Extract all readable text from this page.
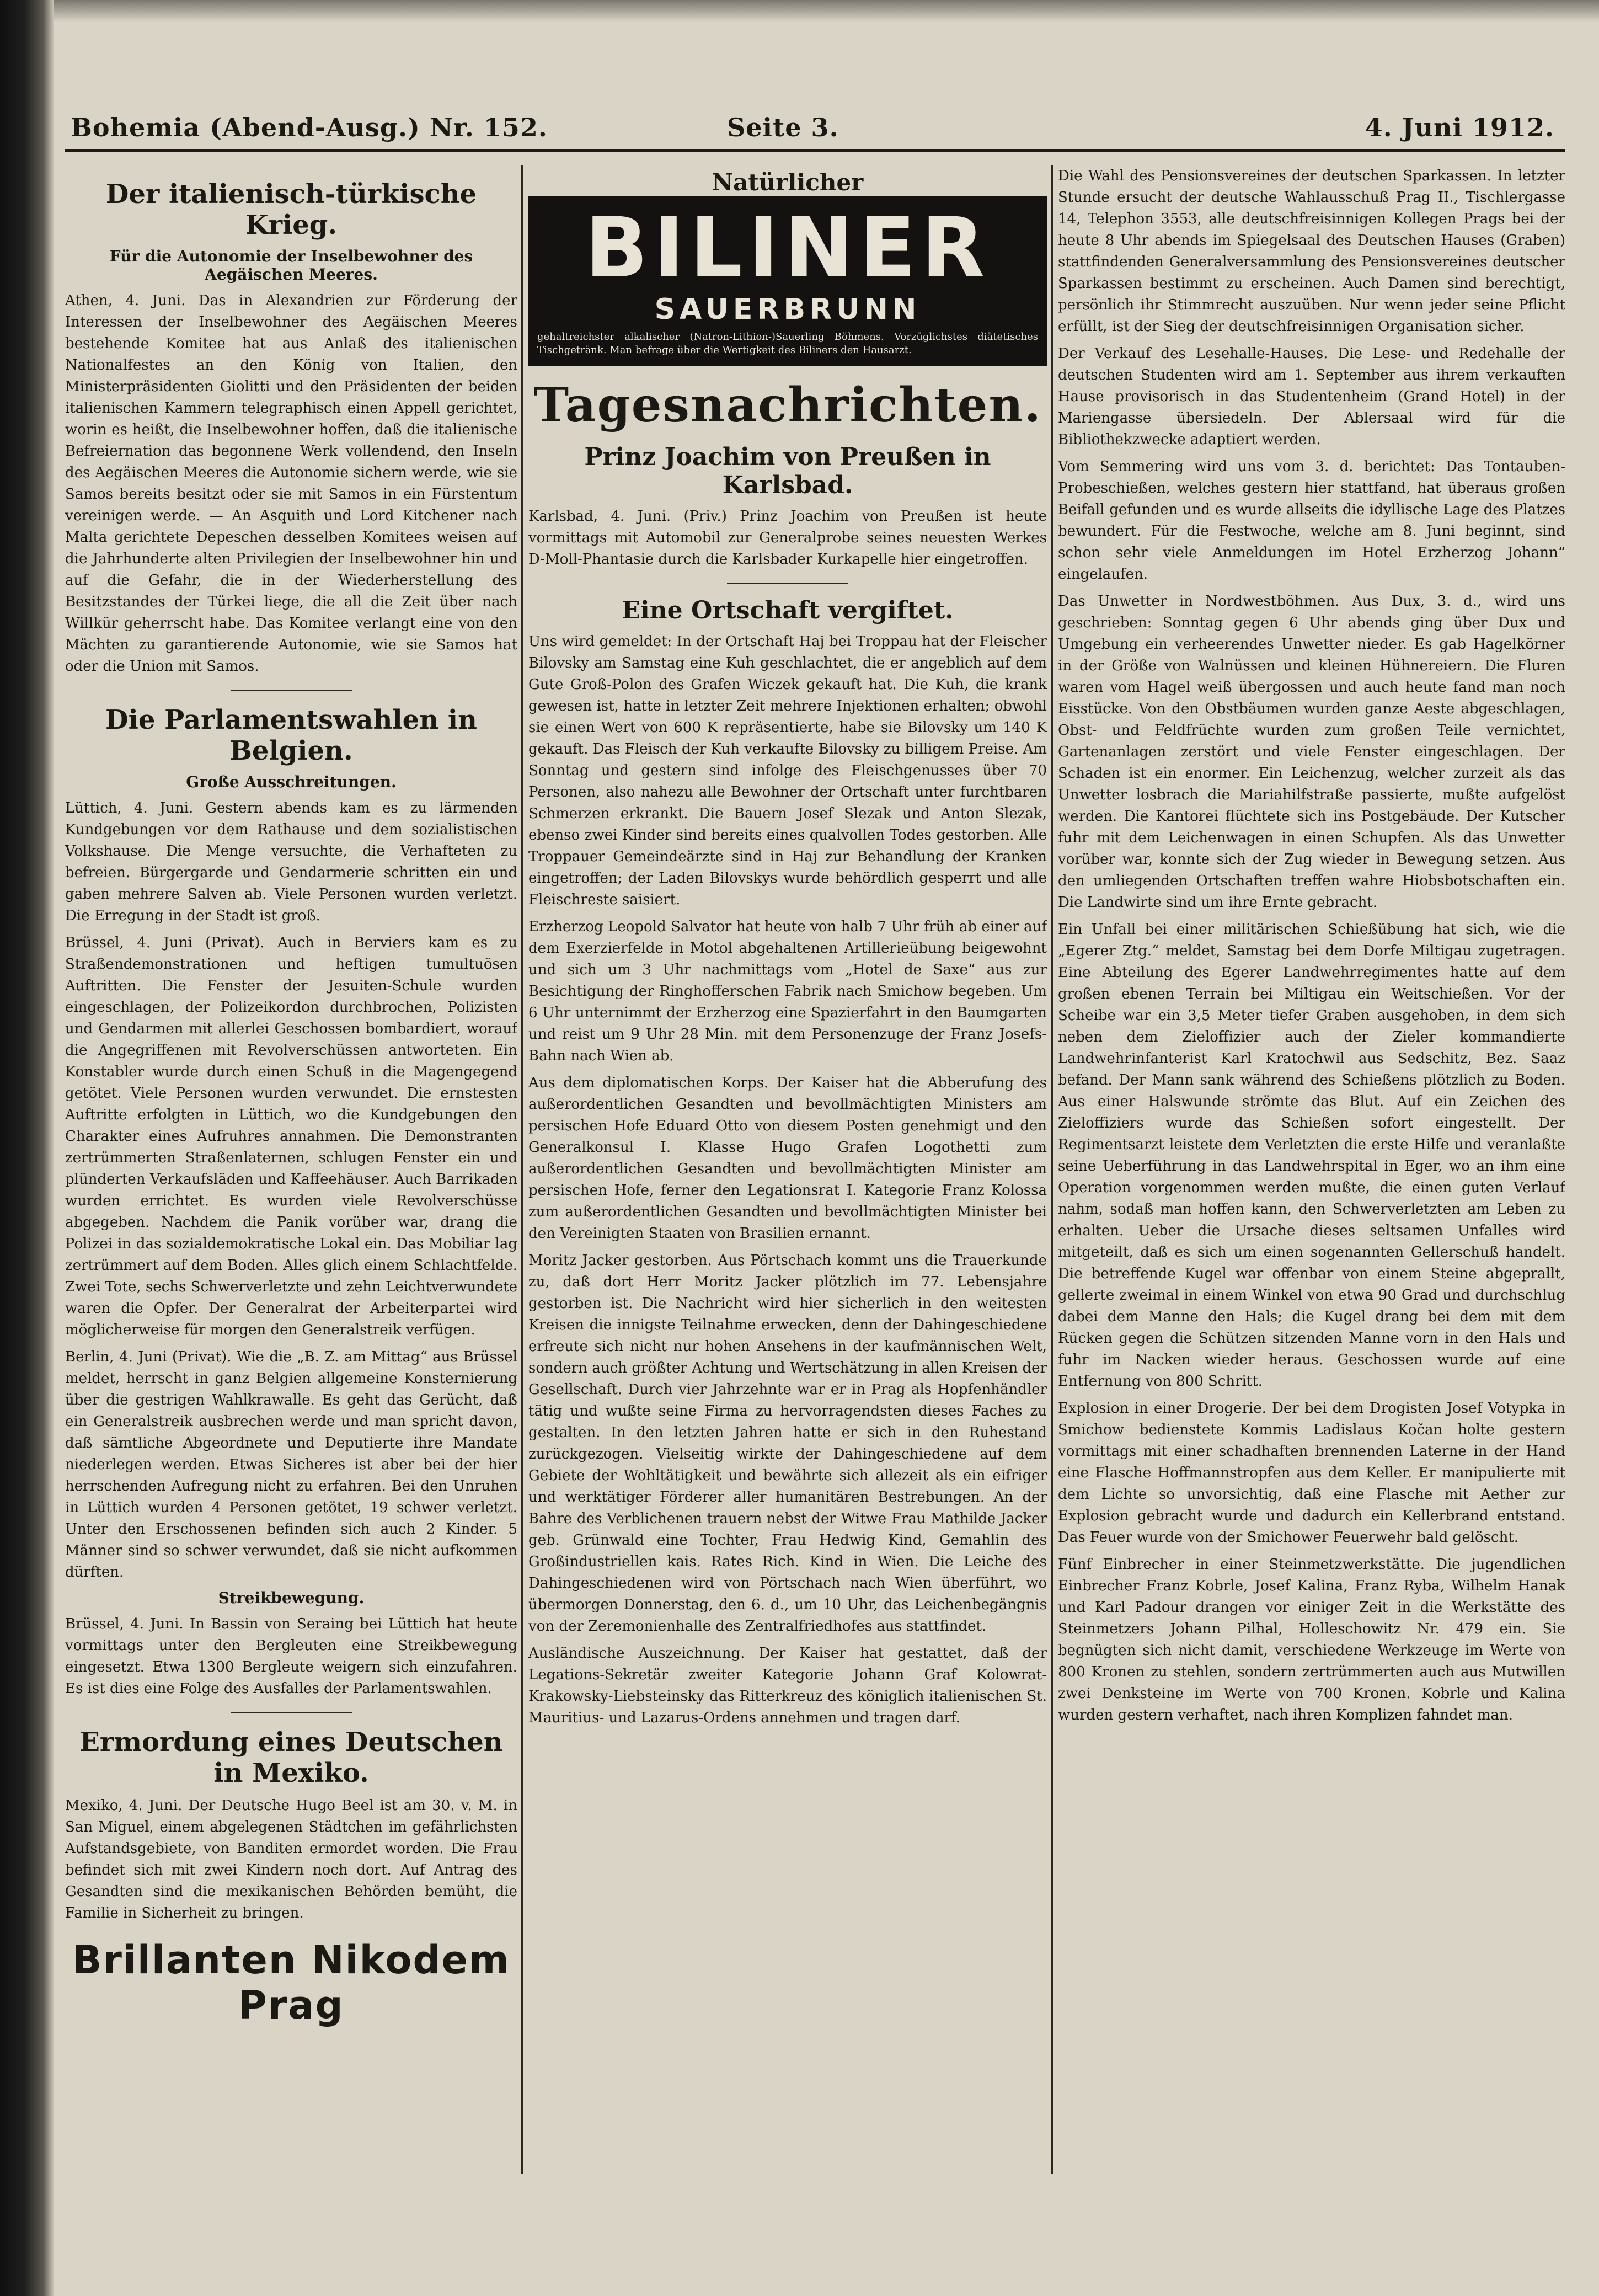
Bohemia (Abend-Ausg.) Nr. 152.	Seite 3.	4. Juni 1912.
Der italienisch-türkische Krieg.
Für die Autonomie der Inselbewohner des Aegäischen Meeres.

Athen, 4. Juni. Das in Alexandrien zur Förderung der Interessen der Inselbewohner des Aegäischen Meeres bestehende Komitee hat aus Anlaß des italienischen Nationalfestes an den König von Italien, den Ministerpräsidenten Giolitti und den Präsidenten der beiden italienischen Kammern telegraphisch einen Appell gerichtet, worin es heißt, die Inselbewohner hoffen, daß die italienische Befreiernation das begonnene Werk vollendend, den Inseln des Aegäischen Meeres die Autonomie sichern werde, wie sie Samos bereits besitzt oder sie mit Samos in ein Fürstentum vereinigen werde. — An Asquith und Lord Kitchener nach Malta gerichtete Depeschen desselben Komitees weisen auf die Jahrhunderte alten Privilegien der Inselbewohner hin und auf die Gefahr, die in der Wiederherstellung des Besitzstandes der Türkei liege, die all die Zeit über nach Willkür geherrscht habe. Das Komitee verlangt eine von den Mächten zu garantierende Autonomie, wie sie Samos hat oder die Union mit Samos.

Die Parlamentswahlen in Belgien.
Große Ausschreitungen.

Lüttich, 4. Juni. Gestern abends kam es zu lärmenden Kundgebungen vor dem Rathause und dem sozialistischen Volkshause. Die Menge versuchte, die Verhafteten zu befreien. Bürgergarde und Gendarmerie schritten ein und gaben mehrere Salven ab. Viele Personen wurden verletzt. Die Erregung in der Stadt ist groß.

Brüssel, 4. Juni (Privat). Auch in Berviers kam es zu Straßendemonstrationen und heftigen tumultuösen Auftritten. Die Fenster der Jesuiten-Schule wurden eingeschlagen, der Polizeikordon durchbrochen, Polizisten und Gendarmen mit allerlei Geschossen bombardiert, worauf die Angegriffenen mit Revolverschüssen antworteten. Ein Konstabler wurde durch einen Schuß in die Magengegend getötet. Viele Personen wurden verwundet. Die ernstesten Auftritte erfolgten in Lüttich, wo die Kundgebungen den Charakter eines Aufruhres annahmen. Die Demonstranten zertrümmerten Straßenlaternen, schlugen Fenster ein und plünderten Verkaufsläden und Kaffeehäuser. Auch Barrikaden wurden errichtet. Es wurden viele Revolverschüsse abgegeben. Nachdem die Panik vorüber war, drang die Polizei in das sozialdemokratische Lokal ein. Das Mobiliar lag zertrümmert auf dem Boden. Alles glich einem Schlachtfelde. Zwei Tote, sechs Schwerverletzte und zehn Leichtverwundete waren die Opfer. Der Generalrat der Arbeiterpartei wird möglicherweise für morgen den Generalstreik verfügen.

Berlin, 4. Juni (Privat). Wie die „B. Z. am Mittag“ aus Brüssel meldet, herrscht in ganz Belgien allgemeine Konsternierung über die gestrigen Wahlkrawalle. Es geht das Gerücht, daß ein Generalstreik ausbrechen werde und man spricht davon, daß sämtliche Abgeordnete und Deputierte ihre Mandate niederlegen werden. Etwas Sicheres ist aber bei der hier herrschenden Aufregung nicht zu erfahren. Bei den Unruhen in Lüttich wurden 4 Personen getötet, 19 schwer verletzt. Unter den Erschossenen befinden sich auch 2 Kinder. 5 Männer sind so schwer verwundet, daß sie nicht aufkommen dürften.

Streikbewegung.

Brüssel, 4. Juni. In Bassin von Seraing bei Lüttich hat heute vormittags unter den Bergleuten eine Streikbewegung eingesetzt. Etwa 1300 Bergleute weigern sich einzufahren. Es ist dies eine Folge des Ausfalles der Parlamentswahlen.

Ermordung eines Deutschen in Mexiko.

Mexiko, 4. Juni. Der Deutsche Hugo Beel ist am 30. v. M. in San Miguel, einem abgelegenen Städtchen im gefährlichsten Aufstandsgebiete, von Banditen ermordet worden. Die Frau befindet sich mit zwei Kindern noch dort. Auf Antrag des Gesandten sind die mexikanischen Behörden bemüht, die Familie in Sicherheit zu bringen.

Brillanten Nikodem Prag
Natürlicher
BILINER
SAUERBRUNN
gehaltreichster alkalischer (Natron-Lithion-)Sauerling Böhmens. Vorzüglichstes diätetisches Tischgetränk. Man befrage über die Wertigkeit des Biliners den Hausarzt.
Tagesnachrichten.
Prinz Joachim von Preußen in Karlsbad.

Karlsbad, 4. Juni. (Priv.) Prinz Joachim von Preußen ist heute vormittags mit Automobil zur Generalprobe seines neuesten Werkes D-Moll-Phantasie durch die Karlsbader Kurkapelle hier eingetroffen.

Eine Ortschaft vergiftet.

Uns wird gemeldet: In der Ortschaft Haj bei Troppau hat der Fleischer Bilovsky am Samstag eine Kuh geschlachtet, die er angeblich auf dem Gute Groß-Polon des Grafen Wiczek gekauft hat. Die Kuh, die krank gewesen ist, hatte in letzter Zeit mehrere Injektionen erhalten; obwohl sie einen Wert von 600 K repräsentierte, habe sie Bilovsky um 140 K gekauft. Das Fleisch der Kuh verkaufte Bilovsky zu billigem Preise. Am Sonntag und gestern sind infolge des Fleischgenusses über 70 Personen, also nahezu alle Bewohner der Ortschaft unter furchtbaren Schmerzen erkrankt. Die Bauern Josef Slezak und Anton Slezak, ebenso zwei Kinder sind bereits eines qualvollen Todes gestorben. Alle Troppauer Gemeindeärzte sind in Haj zur Behandlung der Kranken eingetroffen; der Laden Bilovskys wurde behördlich gesperrt und alle Fleischreste saisiert.

Erzherzog Leopold Salvator hat heute von halb 7 Uhr früh ab einer auf dem Exerzierfelde in Motol abgehaltenen Artillerieübung beigewohnt und sich um 3 Uhr nachmittags vom „Hotel de Saxe“ aus zur Besichtigung der Ringhofferschen Fabrik nach Smichow begeben. Um 6 Uhr unternimmt der Erzherzog eine Spazierfahrt in den Baumgarten und reist um 9 Uhr 28 Min. mit dem Personenzuge der Franz Josefs-Bahn nach Wien ab.

Aus dem diplomatischen Korps. Der Kaiser hat die Abberufung des außerordentlichen Gesandten und bevollmächtigten Ministers am persischen Hofe Eduard Otto von diesem Posten genehmigt und den Generalkonsul I. Klasse Hugo Grafen Logothetti zum außerordentlichen Gesandten und bevollmächtigten Minister am persischen Hofe, ferner den Legationsrat I. Kategorie Franz Kolossa zum außerordentlichen Gesandten und bevollmächtigten Minister bei den Vereinigten Staaten von Brasilien ernannt.

Moritz Jacker gestorben. Aus Pörtschach kommt uns die Trauerkunde zu, daß dort Herr Moritz Jacker plötzlich im 77. Lebensjahre gestorben ist. Die Nachricht wird hier sicherlich in den weitesten Kreisen die innigste Teilnahme erwecken, denn der Dahingeschiedene erfreute sich nicht nur hohen Ansehens in der kaufmännischen Welt, sondern auch größter Achtung und Wertschätzung in allen Kreisen der Gesellschaft. Durch vier Jahrzehnte war er in Prag als Hopfenhändler tätig und wußte seine Firma zu hervorragendsten dieses Faches zu gestalten. In den letzten Jahren hatte er sich in den Ruhestand zurückgezogen. Vielseitig wirkte der Dahingeschiedene auf dem Gebiete der Wohltätigkeit und bewährte sich allezeit als ein eifriger und werktätiger Förderer aller humanitären Bestrebungen. An der Bahre des Verblichenen trauern nebst der Witwe Frau Mathilde Jacker geb. Grünwald eine Tochter, Frau Hedwig Kind, Gemahlin des Großindustriellen kais. Rates Rich. Kind in Wien. Die Leiche des Dahingeschiedenen wird von Pörtschach nach Wien überführt, wo übermorgen Donnerstag, den 6. d., um 10 Uhr, das Leichenbegängnis von der Zeremonienhalle des Zentralfriedhofes aus stattfindet.

Ausländische Auszeichnung. Der Kaiser hat gestattet, daß der Legations-Sekretär zweiter Kategorie Johann Graf Kolowrat-Krakowsky-Liebsteinsky das Ritterkreuz des königlich italienischen St. Mauritius- und Lazarus-Ordens annehmen und tragen darf.

Die Wahl des Pensionsvereines der deutschen Sparkassen. In letzter Stunde ersucht der deutsche Wahlausschuß Prag II., Tischlergasse 14, Telephon 3553, alle deutschfreisinnigen Kollegen Prags bei der heute 8 Uhr abends im Spiegelsaal des Deutschen Hauses (Graben) stattfindenden Generalversammlung des Pensionsvereines deutscher Sparkassen bestimmt zu erscheinen. Auch Damen sind berechtigt, persönlich ihr Stimmrecht auszuüben. Nur wenn jeder seine Pflicht erfüllt, ist der Sieg der deutschfreisinnigen Organisation sicher.

Der Verkauf des Lesehalle-Hauses. Die Lese- und Redehalle der deutschen Studenten wird am 1. September aus ihrem verkauften Hause provisorisch in das Studentenheim (Grand Hotel) in der Mariengasse übersiedeln. Der Ablersaal wird für die Bibliothekzwecke adaptiert werden.

Vom Semmering wird uns vom 3. d. berichtet: Das Tontauben-Probeschießen, welches gestern hier stattfand, hat überaus großen Beifall gefunden und es wurde allseits die idyllische Lage des Platzes bewundert. Für die Festwoche, welche am 8. Juni beginnt, sind schon sehr viele Anmeldungen im Hotel Erzherzog Johann“ eingelaufen.

Das Unwetter in Nordwestböhmen. Aus Dux, 3. d., wird uns geschrieben: Sonntag gegen 6 Uhr abends ging über Dux und Umgebung ein verheerendes Unwetter nieder. Es gab Hagelkörner in der Größe von Walnüssen und kleinen Hühnereiern. Die Fluren waren vom Hagel weiß übergossen und auch heute fand man noch Eisstücke. Von den Obstbäumen wurden ganze Aeste abgeschlagen, Obst- und Feldfrüchte wurden zum großen Teile vernichtet, Gartenanlagen zerstört und viele Fenster eingeschlagen. Der Schaden ist ein enormer. Ein Leichenzug, welcher zurzeit als das Unwetter losbrach die Mariahilfstraße passierte, mußte aufgelöst werden. Die Kantorei flüchtete sich ins Postgebäude. Der Kutscher fuhr mit dem Leichenwagen in einen Schupfen. Als das Unwetter vorüber war, konnte sich der Zug wieder in Bewegung setzen. Aus den umliegenden Ortschaften treffen wahre Hiobsbotschaften ein. Die Landwirte sind um ihre Ernte gebracht.

Ein Unfall bei einer militärischen Schießübung hat sich, wie die „Egerer Ztg.“ meldet, Samstag bei dem Dorfe Miltigau zugetragen. Eine Abteilung des Egerer Landwehrregimentes hatte auf dem großen ebenen Terrain bei Miltigau ein Weitschießen. Vor der Scheibe war ein 3,5 Meter tiefer Graben ausgehoben, in dem sich neben dem Zieloffizier auch der Zieler kommandierte Landwehrinfanterist Karl Kratochwil aus Sedschitz, Bez. Saaz befand. Der Mann sank während des Schießens plötzlich zu Boden. Aus einer Halswunde strömte das Blut. Auf ein Zeichen des Zieloffiziers wurde das Schießen sofort eingestellt. Der Regimentsarzt leistete dem Verletzten die erste Hilfe und veranlaßte seine Ueberführung in das Landwehrspital in Eger, wo an ihm eine Operation vorgenommen werden mußte, die einen guten Verlauf nahm, sodaß man hoffen kann, den Schwerverletzten am Leben zu erhalten. Ueber die Ursache dieses seltsamen Unfalles wird mitgeteilt, daß es sich um einen sogenannten Gellerschuß handelt. Die betreffende Kugel war offenbar von einem Steine abgeprallt, gellerte zweimal in einem Winkel von etwa 90 Grad und durchschlug dabei dem Manne den Hals; die Kugel drang bei dem mit dem Rücken gegen die Schützen sitzenden Manne vorn in den Hals und fuhr im Nacken wieder heraus. Geschossen wurde auf eine Entfernung von 800 Schritt.

Explosion in einer Drogerie. Der bei dem Drogisten Josef Votypka in Smichow bedienstete Kommis Ladislaus Kočan holte gestern vormittags mit einer schadhaften brennenden Laterne in der Hand eine Flasche Hoffmannstropfen aus dem Keller. Er manipulierte mit dem Lichte so unvorsichtig, daß eine Flasche mit Aether zur Explosion gebracht wurde und dadurch ein Kellerbrand entstand. Das Feuer wurde von der Smichower Feuerwehr bald gelöscht.

Fünf Einbrecher in einer Steinmetzwerkstätte. Die jugendlichen Einbrecher Franz Kobrle, Josef Kalina, Franz Ryba, Wilhelm Hanak und Karl Padour drangen vor einiger Zeit in die Werkstätte des Steinmetzers Johann Pilhal, Holleschowitz Nr. 479 ein. Sie begnügten sich nicht damit, verschiedene Werkzeuge im Werte von 800 Kronen zu stehlen, sondern zertrümmerten auch aus Mutwillen zwei Denksteine im Werte von 700 Kronen. Kobrle und Kalina wurden gestern verhaftet, nach ihren Komplizen fahndet man.
